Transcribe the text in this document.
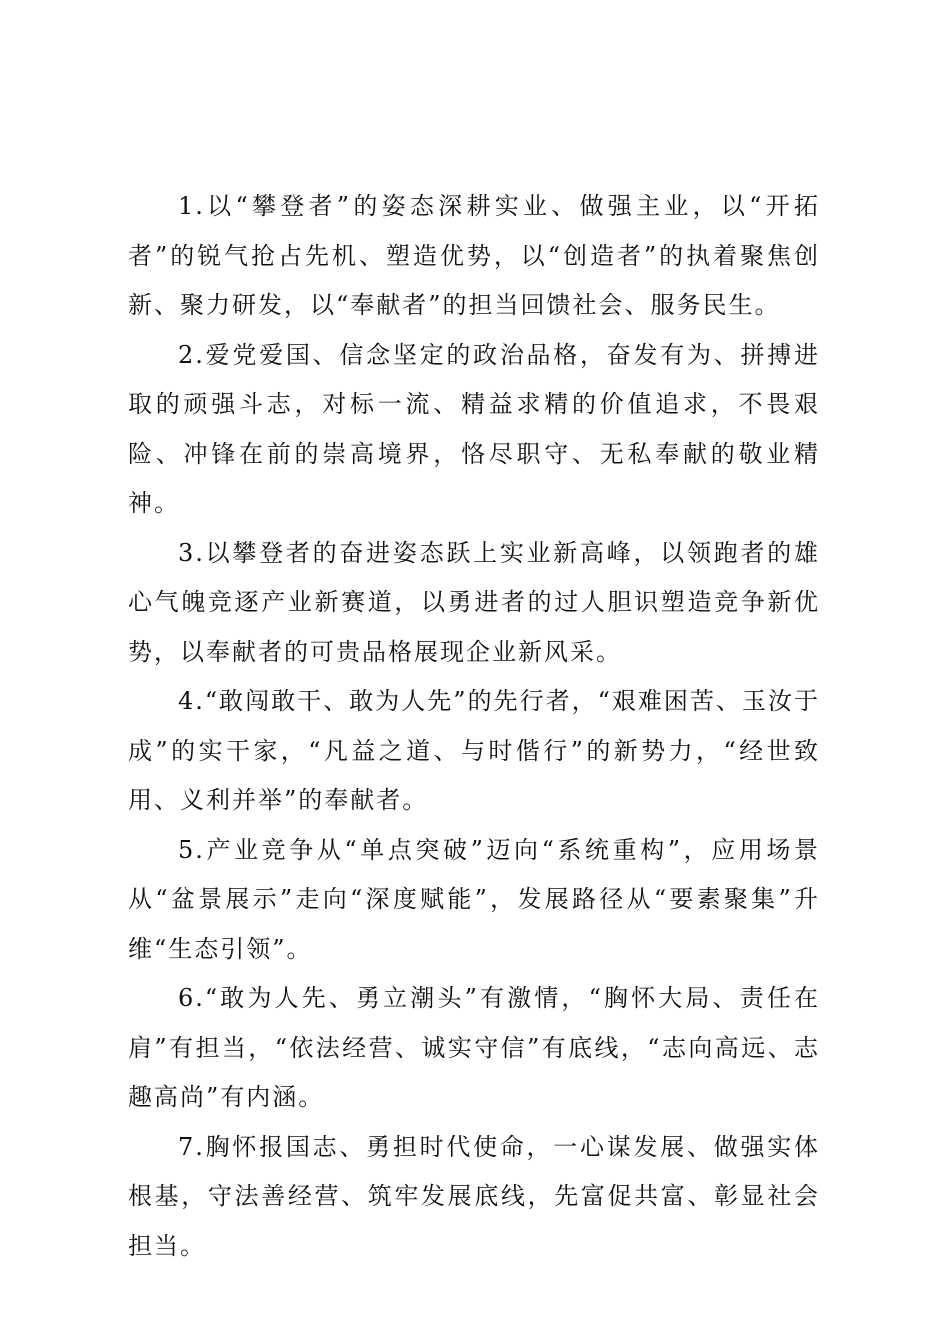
1.以“攀登者”的姿态深耕实业、做强主业，以“开拓者”的锐气抢占先机、塑造优势，以“创造者”的执着聚焦创新、聚力研发，以“奉献者”的担当回馈社会、服务民生。

2.爱党爱国、信念坚定的政治品格，奋发有为、拼搏进取的顽强斗志，对标一流、精益求精的价值追求，不畏艰险、冲锋在前的崇高境界，恪尽职守、无私奉献的敬业精神。

3.以攀登者的奋进姿态跃上实业新高峰，以领跑者的雄心气魄竞逐产业新赛道，以勇进者的过人胆识塑造竞争新优势，以奉献者的可贵品格展现企业新风采。

4.“敢闯敢干、敢为人先”的先行者，“艰难困苦、玉汝于成”的实干家，“凡益之道、与时偕行”的新势力，“经世致用、义利并举”的奉献者。

5.产业竞争从“单点突破”迈向“系统重构”，应用场景从“盆景展示”走向“深度赋能”，发展路径从“要素聚集”升维“生态引领”。

6.“敢为人先、勇立潮头”有激情，“胸怀大局、责任在肩”有担当，“依法经营、诚实守信”有底线，“志向高远、志趣高尚”有内涵。

7.胸怀报国志、勇担时代使命，一心谋发展、做强实体根基，守法善经营、筑牢发展底线，先富促共富、彰显社会担当。
